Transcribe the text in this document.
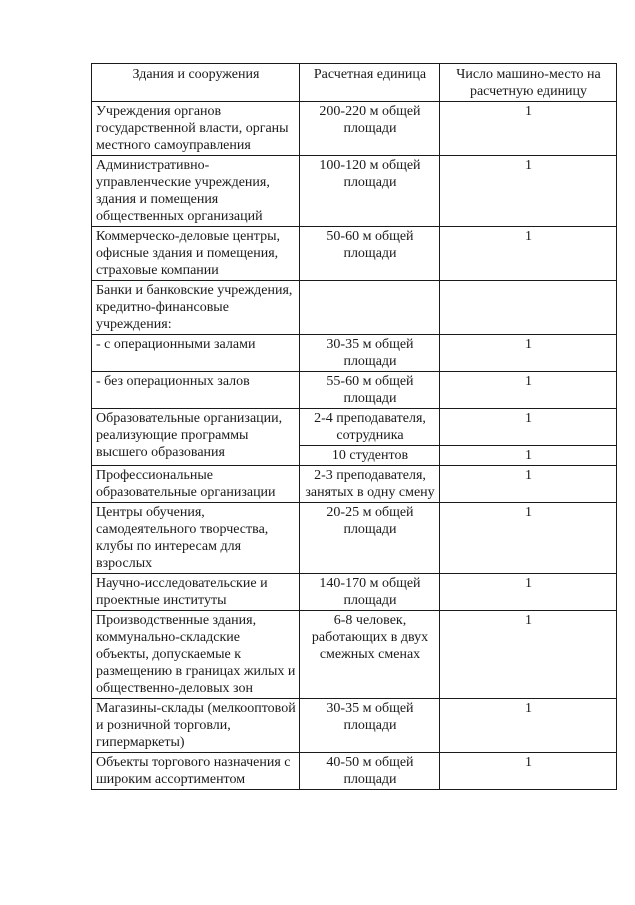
Здания и сооружения	Расчетная единица	Число машино-место на расчетную единицу
Учреждения органов государственной власти, органы местного самоуправления	200-220 м общей площади	1
Административно-управленческие учреждения, здания и помещения общественных организаций	100-120 м общей площади	1
Коммерческо-деловые центры, офисные здания и помещения, страховые компании	50-60 м общей площади	1
Банки и банковские учреждения, кредитно-финансовые учреждения:		
- с операционными залами	30-35 м общей площади	1
- без операционных залов	55-60 м общей площади	1
Образовательные организации, реализующие программы высшего образования	2-4 преподавателя, сотрудника	1
	10 студентов	1
Профессиональные образовательные организации	2-3 преподавателя, занятых в одну смену	1
Центры обучения, самодеятельного творчества, клубы по интересам для взрослых	20-25 м общей площади	1
Научно-исследовательские и проектные институты	140-170 м общей площади	1
Производственные здания, коммунально-складские объекты, допускаемые к размещению в границах жилых и общественно-деловых зон	6-8 человек, работающих в двух смежных сменах	1
Магазины-склады (мелкооптовой и розничной торговли, гипермаркеты)	30-35 м общей площади	1
Объекты торгового назначения с широким ассортиментом	40-50 м общей площади	1
